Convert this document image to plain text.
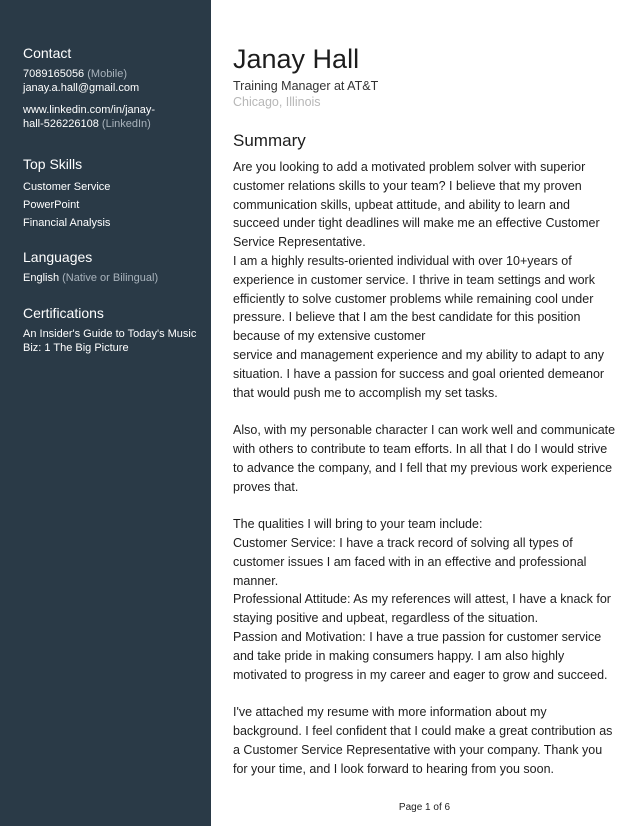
Contact
7089165056 (Mobile)
janay.a.hall@gmail.com
www.linkedin.com/in/janay-
hall-526226108 (LinkedIn)
Top Skills
Customer Service
PowerPoint
Financial Analysis
Languages
English (Native or Bilingual)
Certifications
An Insider's Guide to Today's Music
Biz: 1 The Big Picture
Janay Hall
Training Manager at AT&T
Chicago, Illinois
Summary
Are you looking to add a motivated problem solver with superior
customer relations skills to your team? I believe that my proven
communication skills, upbeat attitude, and ability to learn and
succeed under tight deadlines will make me an effective Customer
Service Representative.
I am a highly results-oriented individual with over 10+years of
experience in customer service. I thrive in team settings and work
efficiently to solve customer problems while remaining cool under
pressure. I believe that I am the best candidate for this position
because of my extensive customer
service and management experience and my ability to adapt to any
situation. I have a passion for success and goal oriented demeanor
that would push me to accomplish my set tasks.
Also, with my personable character I can work well and communicate
with others to contribute to team efforts. In all that I do I would strive
to advance the company, and I fell that my previous work experience
proves that.
The qualities I will bring to your team include:
Customer Service: I have a track record of solving all types of
customer issues I am faced with in an effective and professional
manner.
Professional Attitude: As my references will attest, I have a knack for
staying positive and upbeat, regardless of the situation.
Passion and Motivation: I have a true passion for customer service
and take pride in making consumers happy. I am also highly
motivated to progress in my career and eager to grow and succeed.
I've attached my resume with more information about my
background. I feel confident that I could make a great contribution as
a Customer Service Representative with your company. Thank you
for your time, and I look forward to hearing from you soon.
Page 1 of 6
